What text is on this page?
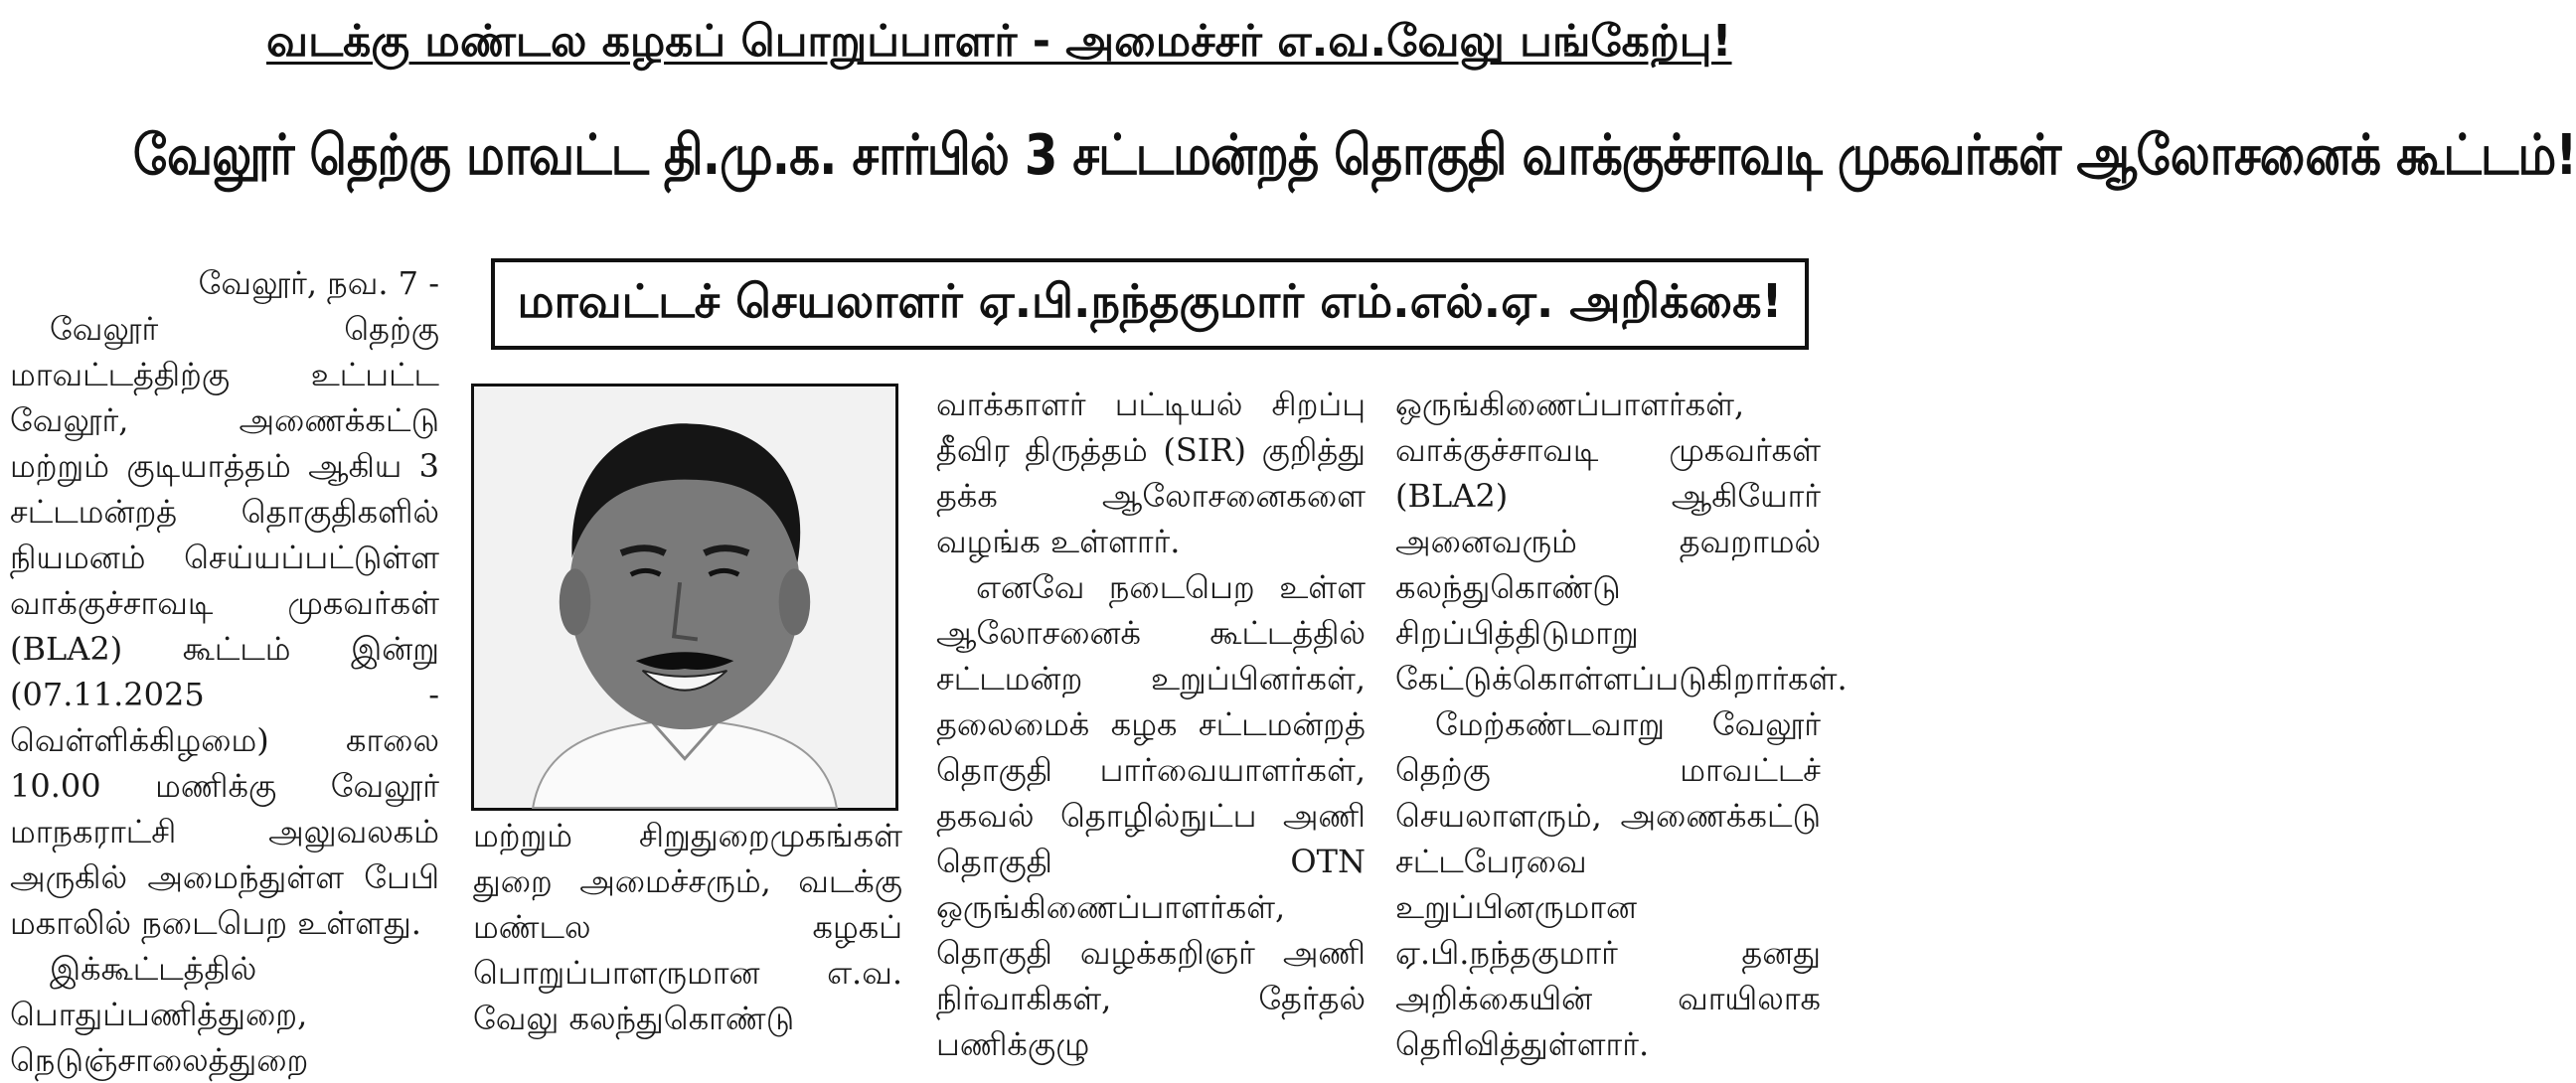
வடக்கு மண்டல கழகப் பொறுப்பாளர் - அமைச்சர் எ.வ.வேலு பங்கேற்பு!
வேலூர் தெற்கு மாவட்ட தி.மு.க. சார்பில் 3 சட்டமன்றத் தொகுதி வாக்குச்சாவடி முகவர்கள் ஆலோசனைக் கூட்டம்!
மாவட்டச் செயலாளர் ஏ.பி.நந்தகுமார் எம்.எல்.ஏ. அறிக்கை!

வேலூர், நவ. 7 -

வேலூர் தெற்கு மாவட்டத்திற்கு உட்பட்ட வேலூர், அணைக்கட்டு மற்றும் குடியாத்தம் ஆகிய 3 சட்டமன்றத் தொகுதிகளில் நியமனம் செய்யப்பட்டுள்ள வாக்குச்சாவடி முகவர்கள் (BLA2) கூட்டம் இன்று (07.11.2025 - வெள்ளிக்கிழமை) காலை 10.00 மணிக்கு வேலூர் மாநகராட்சி அலுவலகம் அருகில் அமைந்துள்ள பேபி மகாலில் நடைபெற உள்ளது.

இக்கூட்டத்தில் பொதுப்பணித்துறை, நெடுஞ்சாலைத்துறை

மற்றும் சிறுதுறைமுகங்கள் துறை அமைச்சரும், வடக்கு மண்டல கழகப் பொறுப்பாளருமான எ.வ. வேலு கலந்துகொண்டு

வாக்காளர் பட்டியல் சிறப்பு தீவிர திருத்தம் (SIR) குறித்து தக்க ஆலோசனைகளை வழங்க உள்ளார்.

எனவே நடைபெற உள்ள ஆலோசனைக் கூட்டத்தில் சட்டமன்ற உறுப்பினர்கள், தலைமைக் கழக சட்டமன்றத் தொகுதி பார்வையாளர்கள், தகவல் தொழில்நுட்ப அணி தொகுதி OTN ஒருங்கிணைப்பாளர்கள், தொகுதி வழக்கறிஞர் அணி நிர்வாகிகள், தேர்தல் பணிக்குழு

ஒருங்கிணைப்பாளர்கள், வாக்குச்சாவடி முகவர்கள் (BLA2) ஆகியோர் அனைவரும் தவறாமல் கலந்துகொண்டு சிறப்பித்திடுமாறு கேட்டுக்கொள்ளப்படுகிறார்கள்.

மேற்கண்டவாறு வேலூர் தெற்கு மாவட்டச் செயலாளரும், அணைக்கட்டு சட்டபேரவை உறுப்பினருமான ஏ.பி.நந்தகுமார் தனது அறிக்கையின் வாயிலாக தெரிவித்துள்ளார்.
